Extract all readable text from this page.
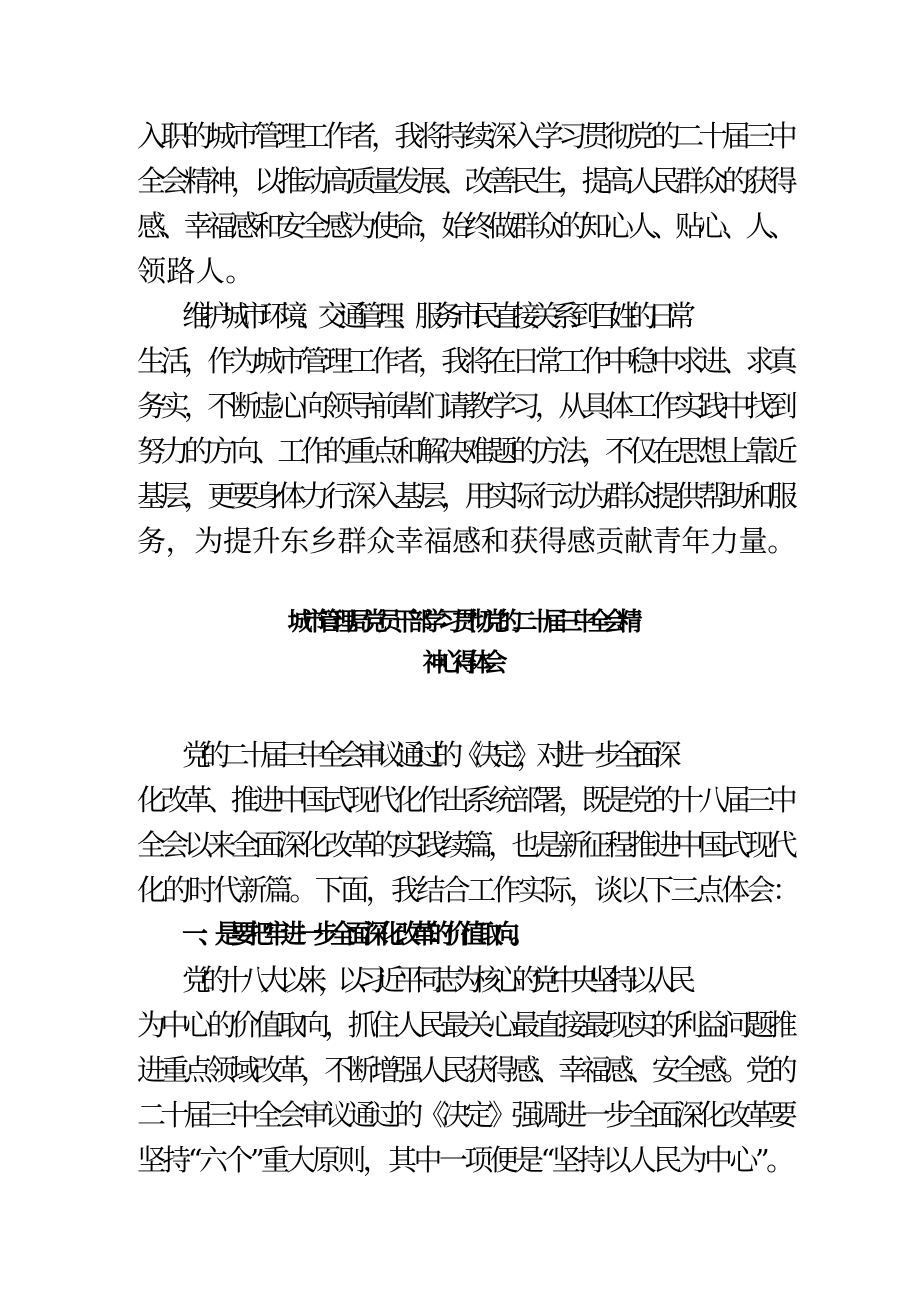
入职的城市管理工作者，我将持续深入学习贯彻党的二十届三中
全会精神，以推动高质量发展、改善民生，提高人民群众的获得
感、幸福感和安全感为使命，始终做群众的知心人、贴心、人、
领路人。
维护城市环境、交通管理、服务市民直接关系到百姓的日常
生活，作为城市管理工作者，我将在日常工作中稳中求进、求真
务实，不断虚心向领导前辈们请教学习，从具体工作实践中找到
努力的方向、工作的重点和解决难题的方法，不仅在思想上靠近
基层，更要身体力行深入基层，用实际行动为群众提供帮助和服
务，为提升东乡群众幸福感和获得感贡献青年力量。
城市管理局党员干部学习贯彻党的二十届三中全会精
神心得体会
党的二十届三中全会审议通过的《决定》，对进一步全面深
化改革、推进中国式现代化作出系统部署，既是党的十八届三中
全会以来全面深化改革的实践续篇，也是新征程推进中国式现代
化的时代新篇。下面，我结合工作实际，谈以下三点体会：
一、是要把牢进一步全面深化改革的价值取向。
党的十八大以来，以习近平同志为核心的党中央坚持以人民
为中心的价值取向，抓住人民最关心最直接最现实的利益问题推
进重点领域改革，不断增强人民获得感、幸福感、安全感。党的
二十届三中全会审议通过的《决定》强调进一步全面深化改革要
坚持“六个”重大原则，其中一项便是“坚持以人民为中心”。
